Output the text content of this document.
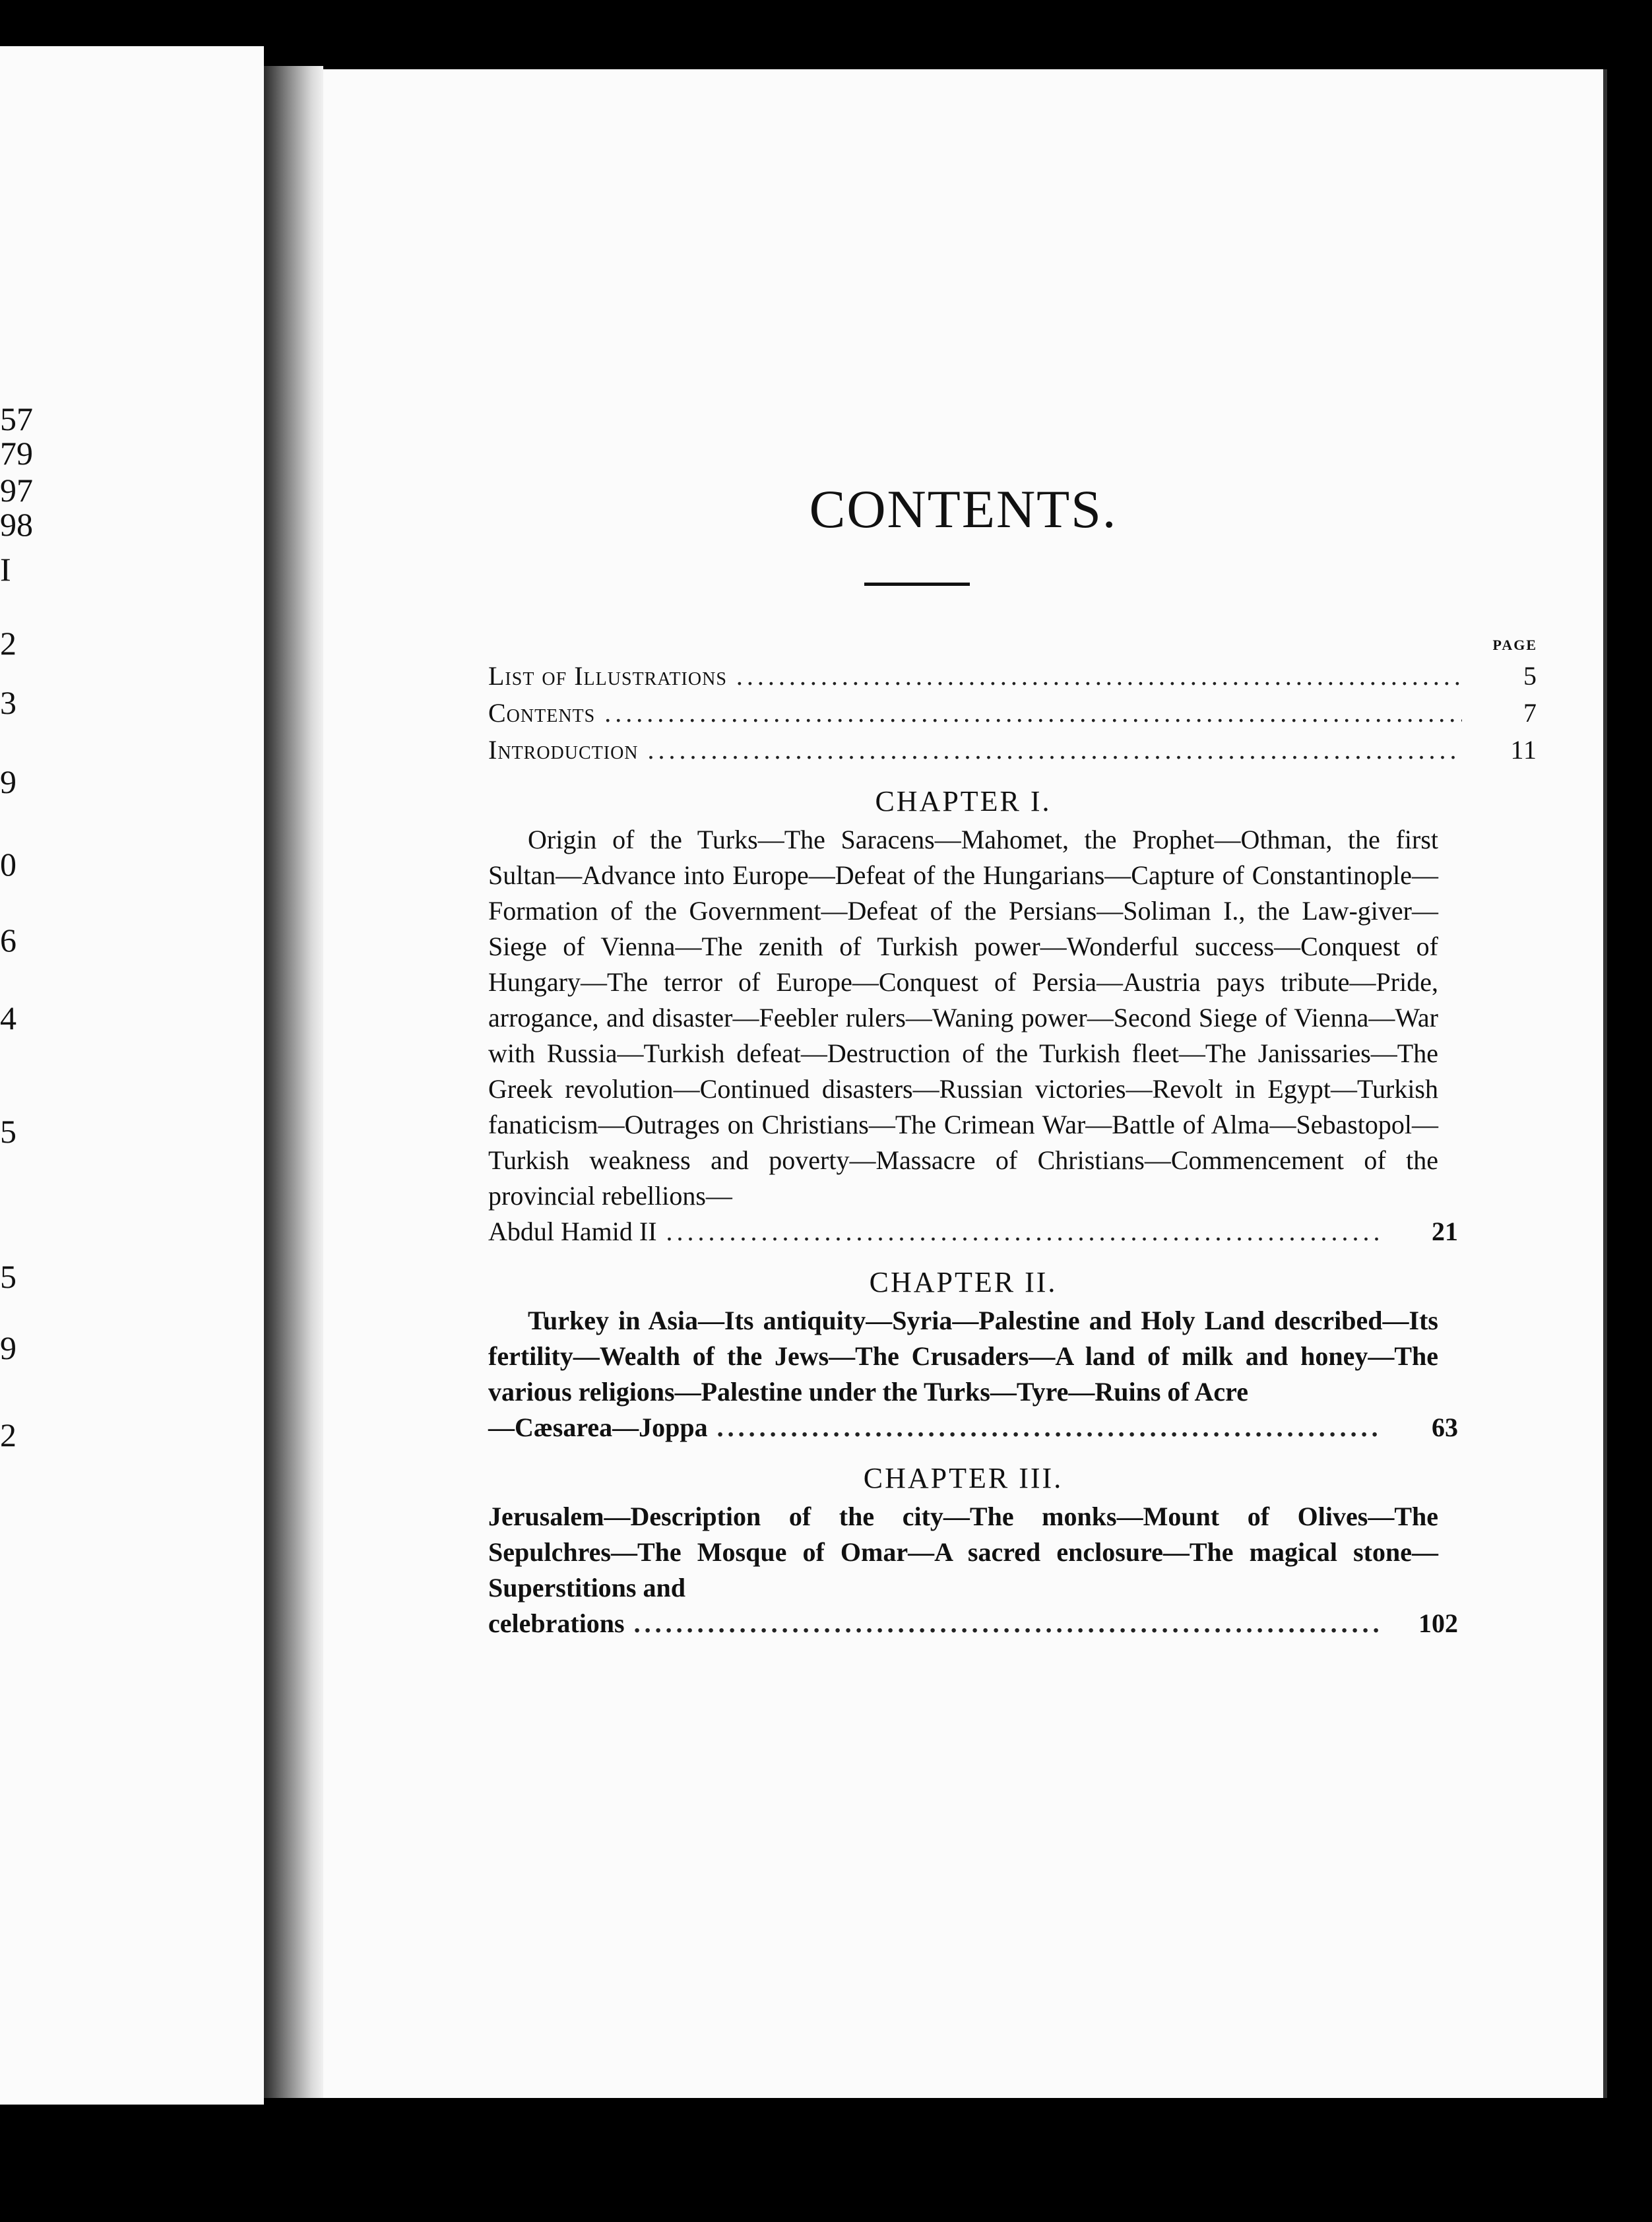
57
79
97
98
I
2
3
9
0
6
4
5
5
9
2
CONTENTS.
PAGE
List of Illustrations .....	5
Contents .....	7
Introduction .....	11
CHAPTER I.
Origin of the Turks—The Saracens—Mahomet, the Prophet—Othman, the first Sultan—Advance into Europe—Defeat of the Hungarians—Capture of Constantinople—Formation of the Government—Defeat of the Persians—Soliman I., the Law-giver—Siege of Vienna—The zenith of Turkish power—Wonderful success—Conquest of Hungary—The terror of Europe—Conquest of Persia—Austria pays tribute—Pride, arrogance, and disaster—Feebler rulers—Waning power—Second Siege of Vienna—War with Russia—Turkish defeat—Destruction of the Turkish fleet—The Janissaries—The Greek revolution—Continued disasters—Russian victories—Revolt in Egypt—Turkish fanaticism—Outrages on Christians—The Crimean War—Battle of Alma—Sebastopol—Turkish weakness and poverty—Massacre of Christians—Commencement of the provincial rebellions—
Abdul Hamid II .....	21
CHAPTER II.
Turkey in Asia—Its antiquity—Syria—Palestine and Holy Land described—Its fertility—Wealth of the Jews—The Crusaders—A land of milk and honey—The various religions—Palestine under the Turks—Tyre—Ruins of Acre
—Cæsarea—Joppa .....	63
CHAPTER III.
Jerusalem—Description of the city—The monks—Mount of Olives—The Sepulchres—The Mosque of Omar—A sacred enclosure—The magical stone—Superstitions and
celebrations .....	102
